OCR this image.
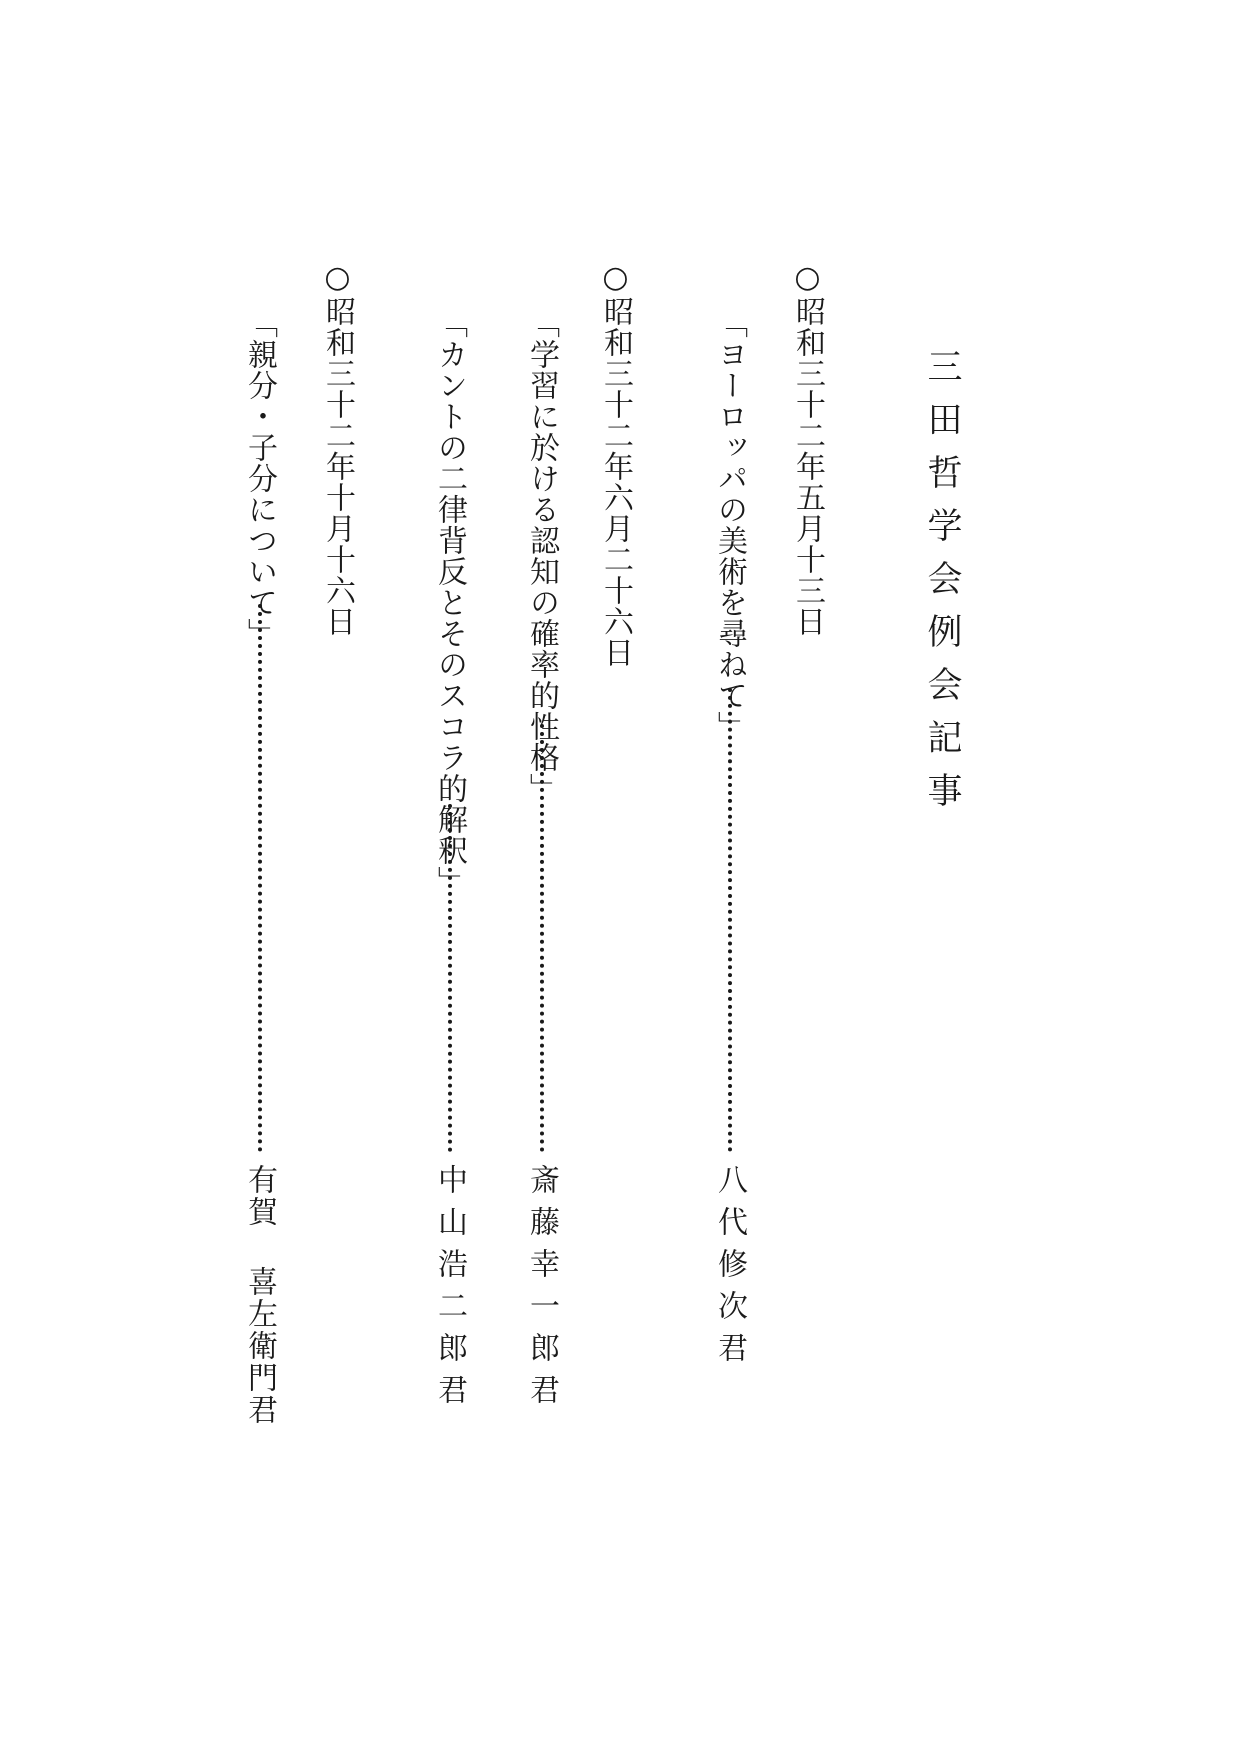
三田哲学会例会記事
○昭和三十二年五月十三日
「ヨーロッパの美術を尋ねて」
八代修次君
○昭和三十二年六月二十六日
「学習に於ける認知の確率的性格」
斎藤幸一郎君
「カントの二律背反とそのスコラ的解釈」
中山浩二郎君
○昭和三十二年十月十六日
「親分・子分について」
有賀喜左衛門君
